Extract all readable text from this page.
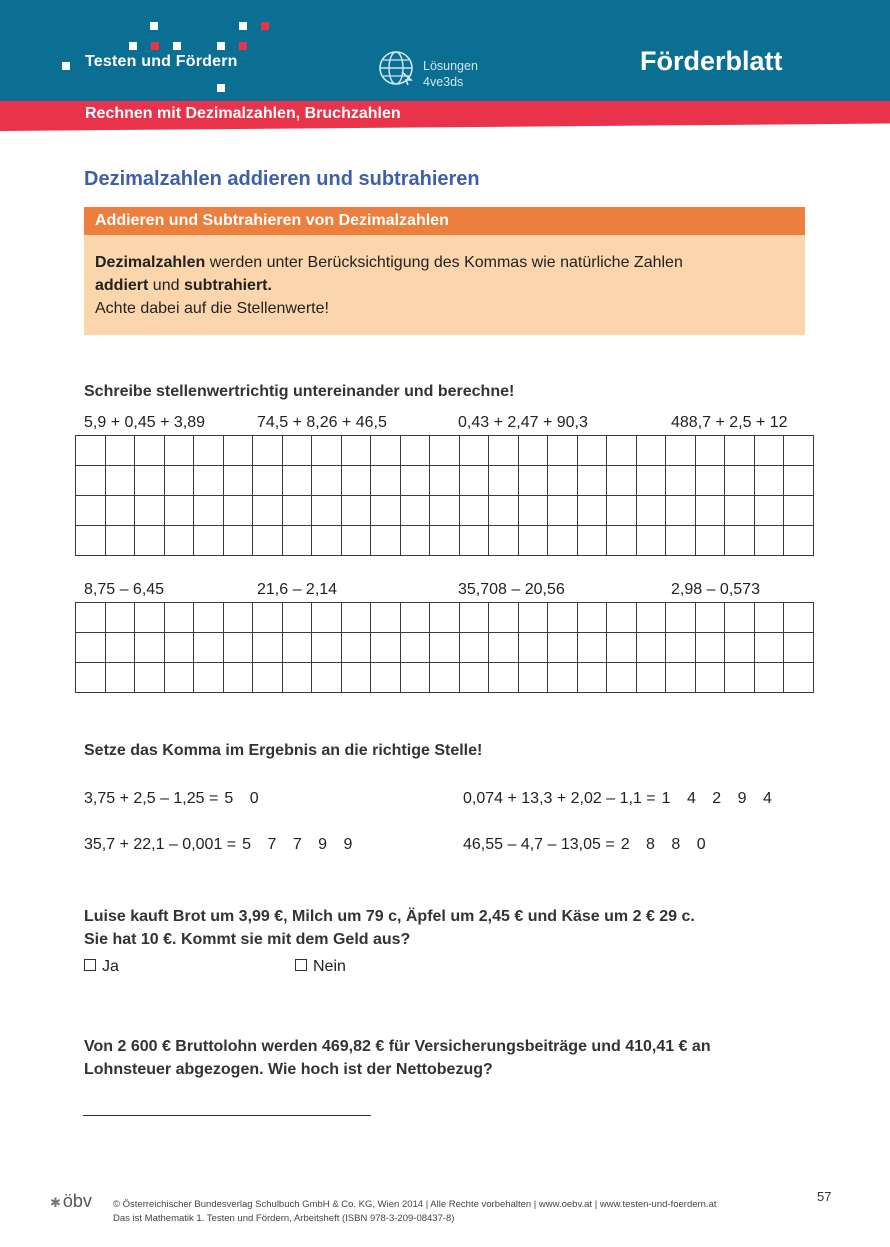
Testen und Fördern	Lösungen
4ve3ds
Förderblatt
Rechnen mit Dezimalzahlen, Bruchzahlen
Dezimalzahlen addieren und subtrahieren
Addieren und Subtrahieren von Dezimalzahlen

Dezimalzahlen werden unter Berücksichtigung des Kommas wie natürliche Zahlen
addiert und subtrahiert.
Achte dabei auf die Stellenwerte!

Schreibe stellenwertrichtig untereinander und berechne!
5,9 + 0,45 + 3,89	74,5 + 8,26 + 46,5	0,43 + 2,47 + 90,3	488,7 + 2,5 + 12

8,75 – 6,45	21,6 – 2,14	35,708 – 20,56	2,98 – 0,573

Setze das Komma im Ergebnis an die richtige Stelle!
3,75 + 2,5 – 1,25 = 5 0	0,074 + 13,3 + 2,02 – 1,1 = 1 4 2 9 4
35,7 + 22,1 – 0,001 = 5 7 7 9 9	46,55 – 4,7 – 13,05 = 2 8 8 0
Luise kauft Brot um 3,99 €, Milch um 79 c, Äpfel um 2,45 € und Käse um 2 € 29 c.
Sie hat 10 €. Kommt sie mit dem Geld aus?
Ja	Nein
Von 2 600 € Bruttolohn werden 469,82 € für Versicherungsbeiträge und 410,41 € an
Lohnsteuer abgezogen. Wie hoch ist der Nettobezug?
✱ öbv © Österreichischer Bundesverlag Schulbuch GmbH & Co. KG, Wien 2014 | Alle Rechte vorbehalten | www.oebv.at | www.testen-und-foerdern.at
Das ist Mathematik 1. Testen und Fördern, Arbeitsheft (ISBN 978-3-209-08437-8)
57
